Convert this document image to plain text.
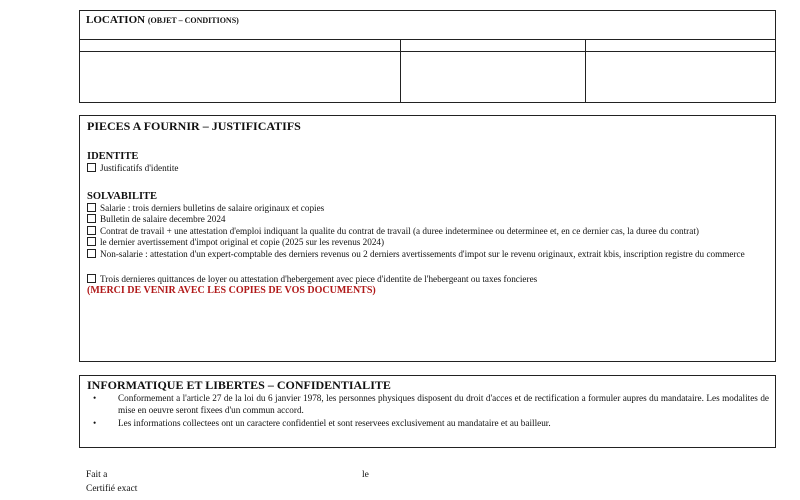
LOCATION (OBJET – CONDITIONS)

PIECES A FOURNIR – JUSTIFICATIFS

IDENTITE
Justificatifs d'identite
SOLVABILITE
Salarie : trois derniers bulletins de salaire originaux et copies
Bulletin de salaire decembre 2024
Contrat de travail + une attestation d'emploi indiquant la qualite du contrat de travail (a duree indeterminee ou determinee et, en ce dernier cas, la duree du contrat)
le dernier avertissement d'impot original et copie (2025 sur les revenus 2024)
Non-salarie : attestation d'un expert-comptable des derniers revenus ou 2 derniers avertissements d'impot sur le revenu originaux, extrait kbis, inscription registre du commerce
Trois dernieres quittances de loyer ou attestation d'hebergement avec piece d'identite de l'hebergeant ou taxes foncieres
(MERCI DE VENIR AVEC LES COPIES DE VOS DOCUMENTS)

INFORMATIQUE ET LIBERTES – CONFIDENTIALITE

• Conformement a l'article 27 de la loi du 6 janvier 1978, les personnes physiques disposent du droit d'acces et de rectification a formuler aupres du mandataire. Les modalites de mise en oeuvre seront fixees d'un commun accord.
• Les informations collectees ont un caractere confidentiel et sont reservees exclusivement au mandataire et au bailleur.
Fait a	le
Certifié exact
